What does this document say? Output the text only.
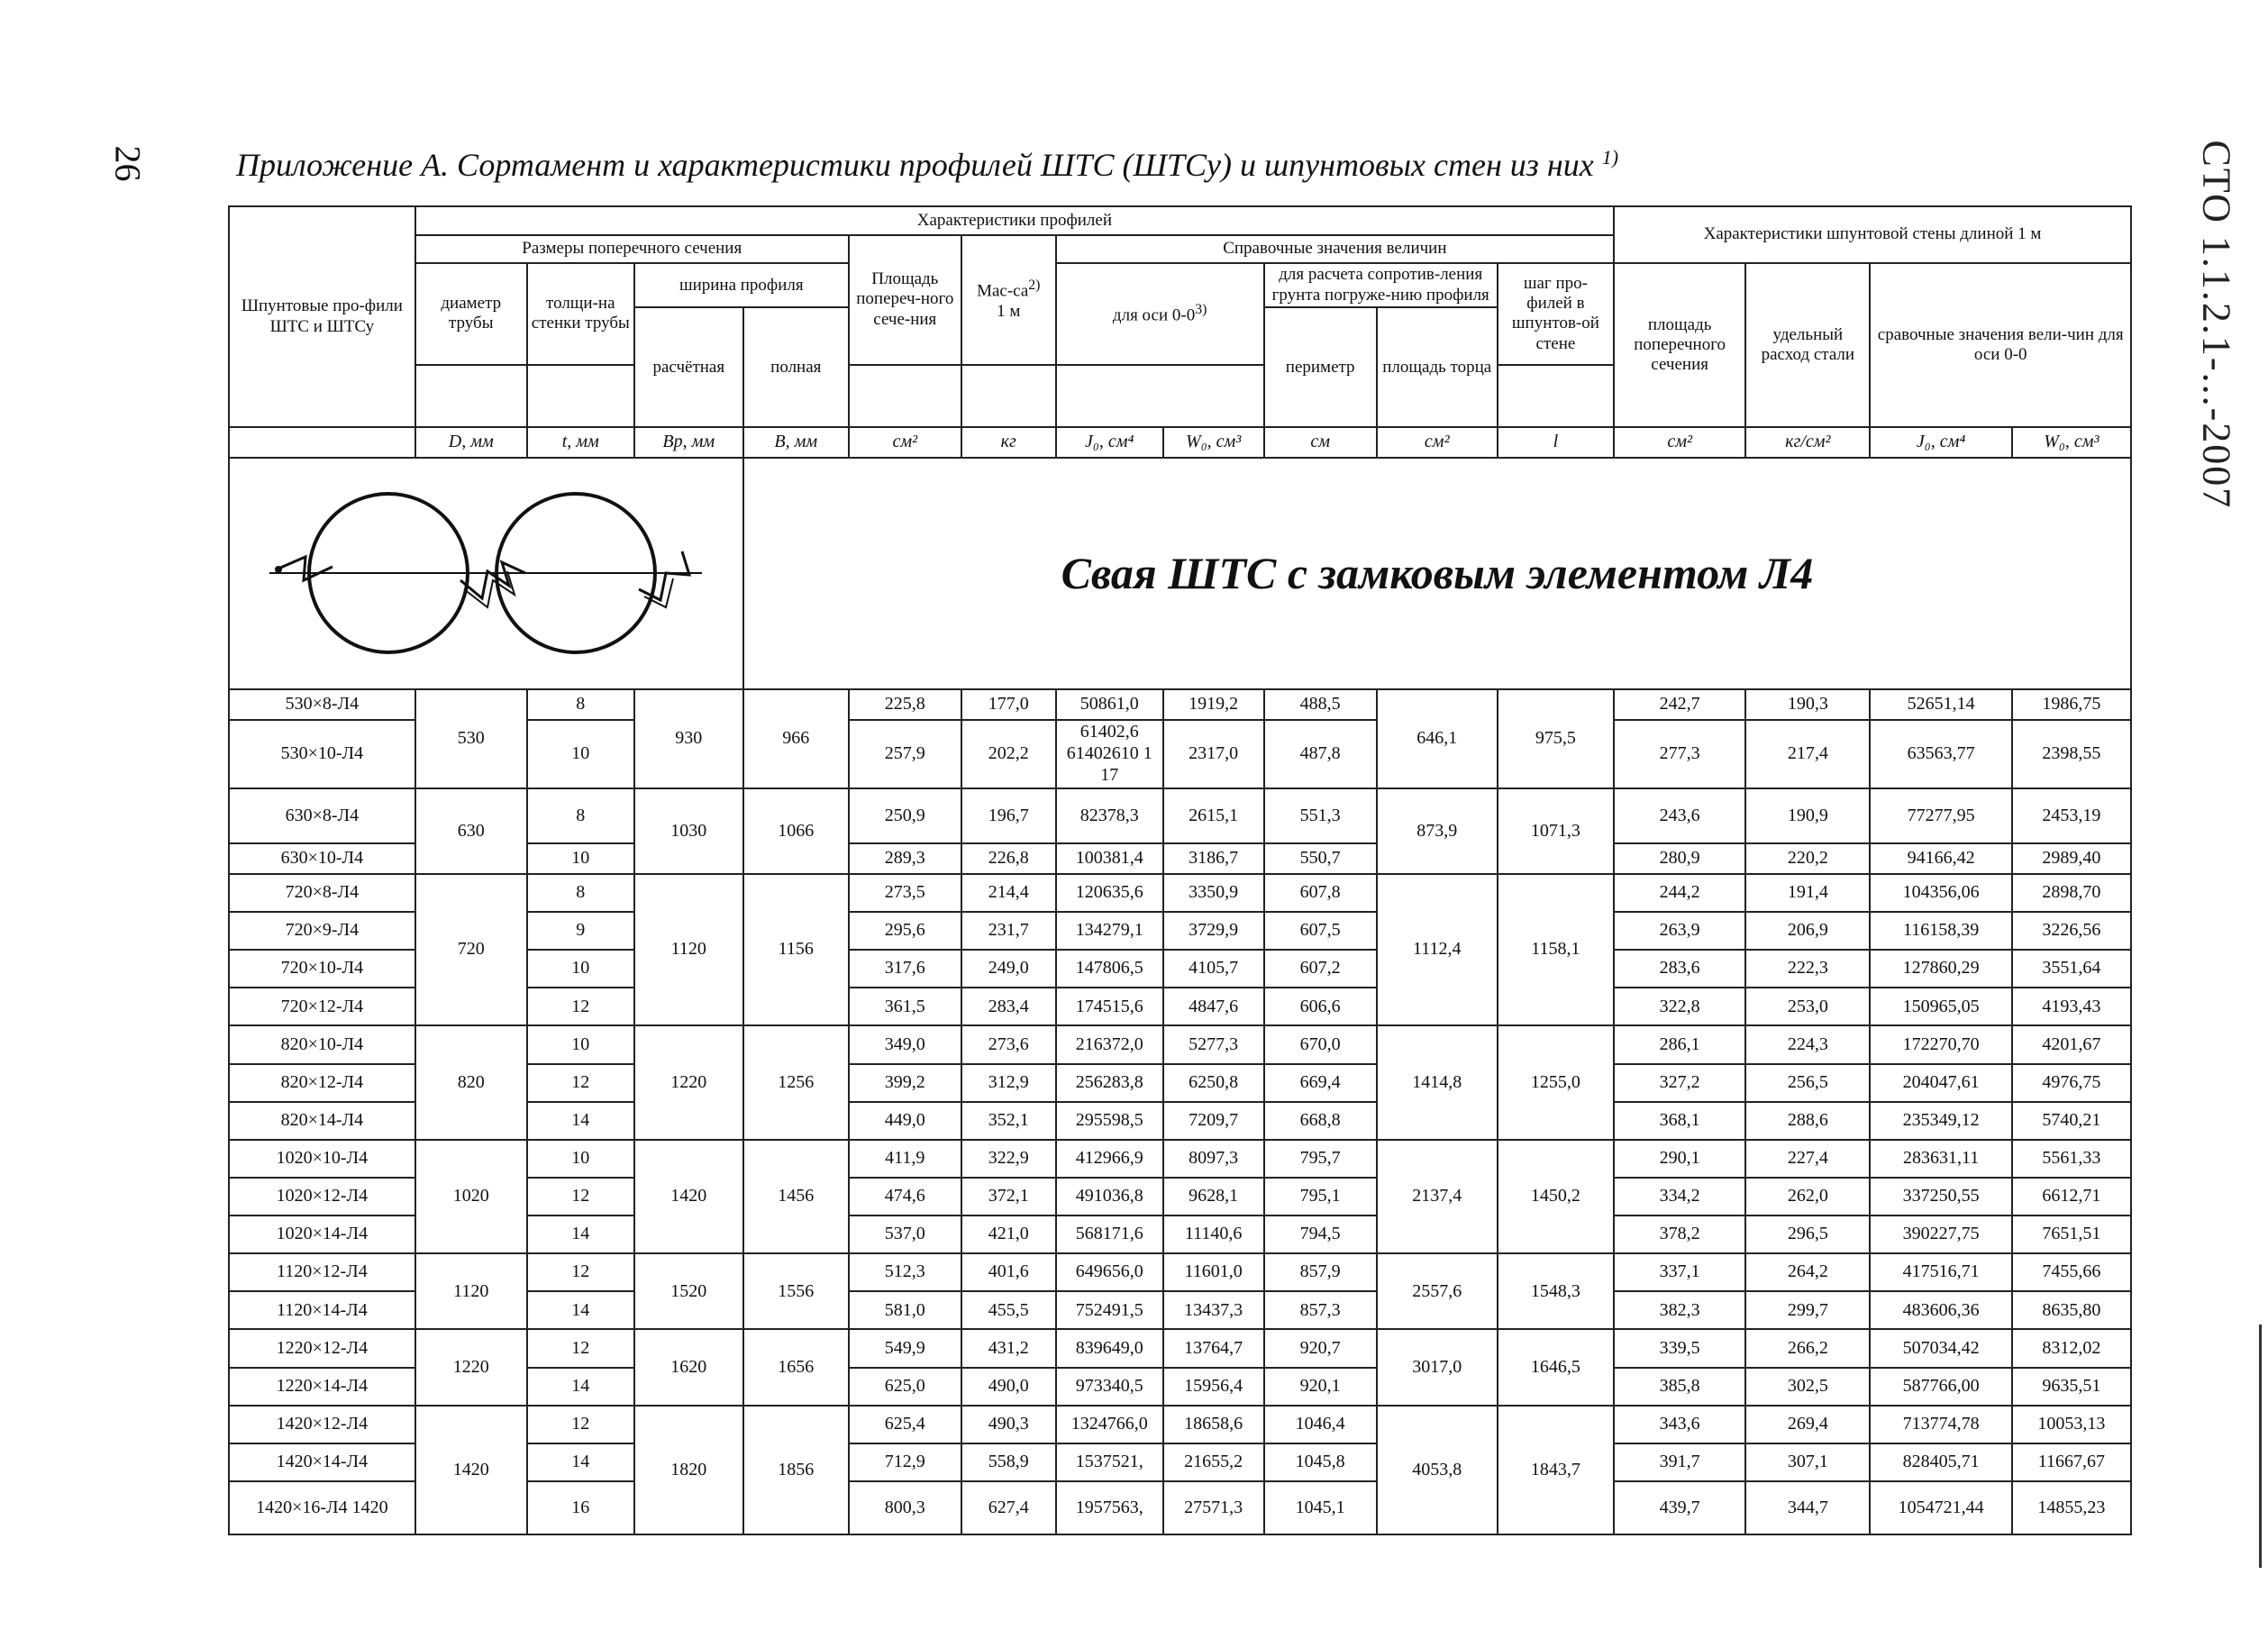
26	СТО 1.1.2.1-...-2007
Приложение А. Сортамент и характеристики профилей ШТС (ШТСу) и шпунтовых стен из них $^{1)}$
Шпунтовые про-фили ШТС и ШТСу	Характеристики профилей											Характеристики шпунтовой стены длиной 1 м			
	Размеры поперечного сечения				Площадь попереч-ного сече-ния	Мас-$са^{2)}$
1 м	Справочные значения величин								
	диаметр трубы	толщи-на стенки трубы	ширина профиля				для оси 0-0$^{3)}$		для расчета сопротив-ления грунта погруже-нию профиля		шаг про-филей в шпунтов-ой стене	площадь поперечного сечения	удельный расход стали	сравочные значения вели-чин для оси 0-0	
			расчётная	полная					периметр	площадь торца					

	D, мм	t, мм	Bр, мм	B, мм	см²	кг	J₀, см⁴	W₀, см³	см	см²	l	см²	кг/см²	J₀, см⁴	W₀, см³

	Свая ШТС с замковым элементом Л4											
530×8-Л4	530	8	930	966	225,8	177,0	50861,0	1919,2	488,5	646,1	975,5	242,7	190,3	52651,14	1986,75
530×10-Л4		10			257,9	202,2	61402,6 61402610 1 17	2317,0	487,8			277,3	217,4	63563,77	2398,55
630×8-Л4	630	8	1030	1066	250,9	196,7	82378,3	2615,1	551,3	873,9	1071,3	243,6	190,9	77277,95	2453,19
630×10-Л4		10			289,3	226,8	100381,4	3186,7	550,7			280,9	220,2	94166,42	2989,40
720×8-Л4	720	8	1120	1156	273,5	214,4	120635,6	3350,9	607,8	1112,4	1158,1	244,2	191,4	104356,06	2898,70
720×9-Л4		9			295,6	231,7	134279,1	3729,9	607,5			263,9	206,9	116158,39	3226,56
720×10-Л4		10			317,6	249,0	147806,5	4105,7	607,2			283,6	222,3	127860,29	3551,64
720×12-Л4		12			361,5	283,4	174515,6	4847,6	606,6			322,8	253,0	150965,05	4193,43
820×10-Л4	820	10	1220	1256	349,0	273,6	216372,0	5277,3	670,0	1414,8	1255,0	286,1	224,3	172270,70	4201,67
820×12-Л4		12			399,2	312,9	256283,8	6250,8	669,4			327,2	256,5	204047,61	4976,75
820×14-Л4		14			449,0	352,1	295598,5	7209,7	668,8			368,1	288,6	235349,12	5740,21
1020×10-Л4	1020	10	1420	1456	411,9	322,9	412966,9	8097,3	795,7	2137,4	1450,2	290,1	227,4	283631,11	5561,33
1020×12-Л4		12			474,6	372,1	491036,8	9628,1	795,1			334,2	262,0	337250,55	6612,71
1020×14-Л4		14			537,0	421,0	568171,6	11140,6	794,5			378,2	296,5	390227,75	7651,51
1120×12-Л4	1120	12	1520	1556	512,3	401,6	649656,0	11601,0	857,9	2557,6	1548,3	337,1	264,2	417516,71	7455,66
1120×14-Л4		14			581,0	455,5	752491,5	13437,3	857,3			382,3	299,7	483606,36	8635,80
1220×12-Л4	1220	12	1620	1656	549,9	431,2	839649,0	13764,7	920,7	3017,0	1646,5	339,5	266,2	507034,42	8312,02
1220×14-Л4		14			625,0	490,0	973340,5	15956,4	920,1			385,8	302,5	587766,00	9635,51
1420×12-Л4	1420	12	1820	1856	625,4	490,3	1324766,0	18658,6	1046,4	4053,8	1843,7	343,6	269,4	713774,78	10053,13
1420×14-Л4		14			712,9	558,9	1537521,	21655,2	1045,8			391,7	307,1	828405,71	11667,67
1420×16-Л4 1420		16			800,3	627,4	1957563,	27571,3	1045,1			439,7	344,7	1054721,44	14855,23
